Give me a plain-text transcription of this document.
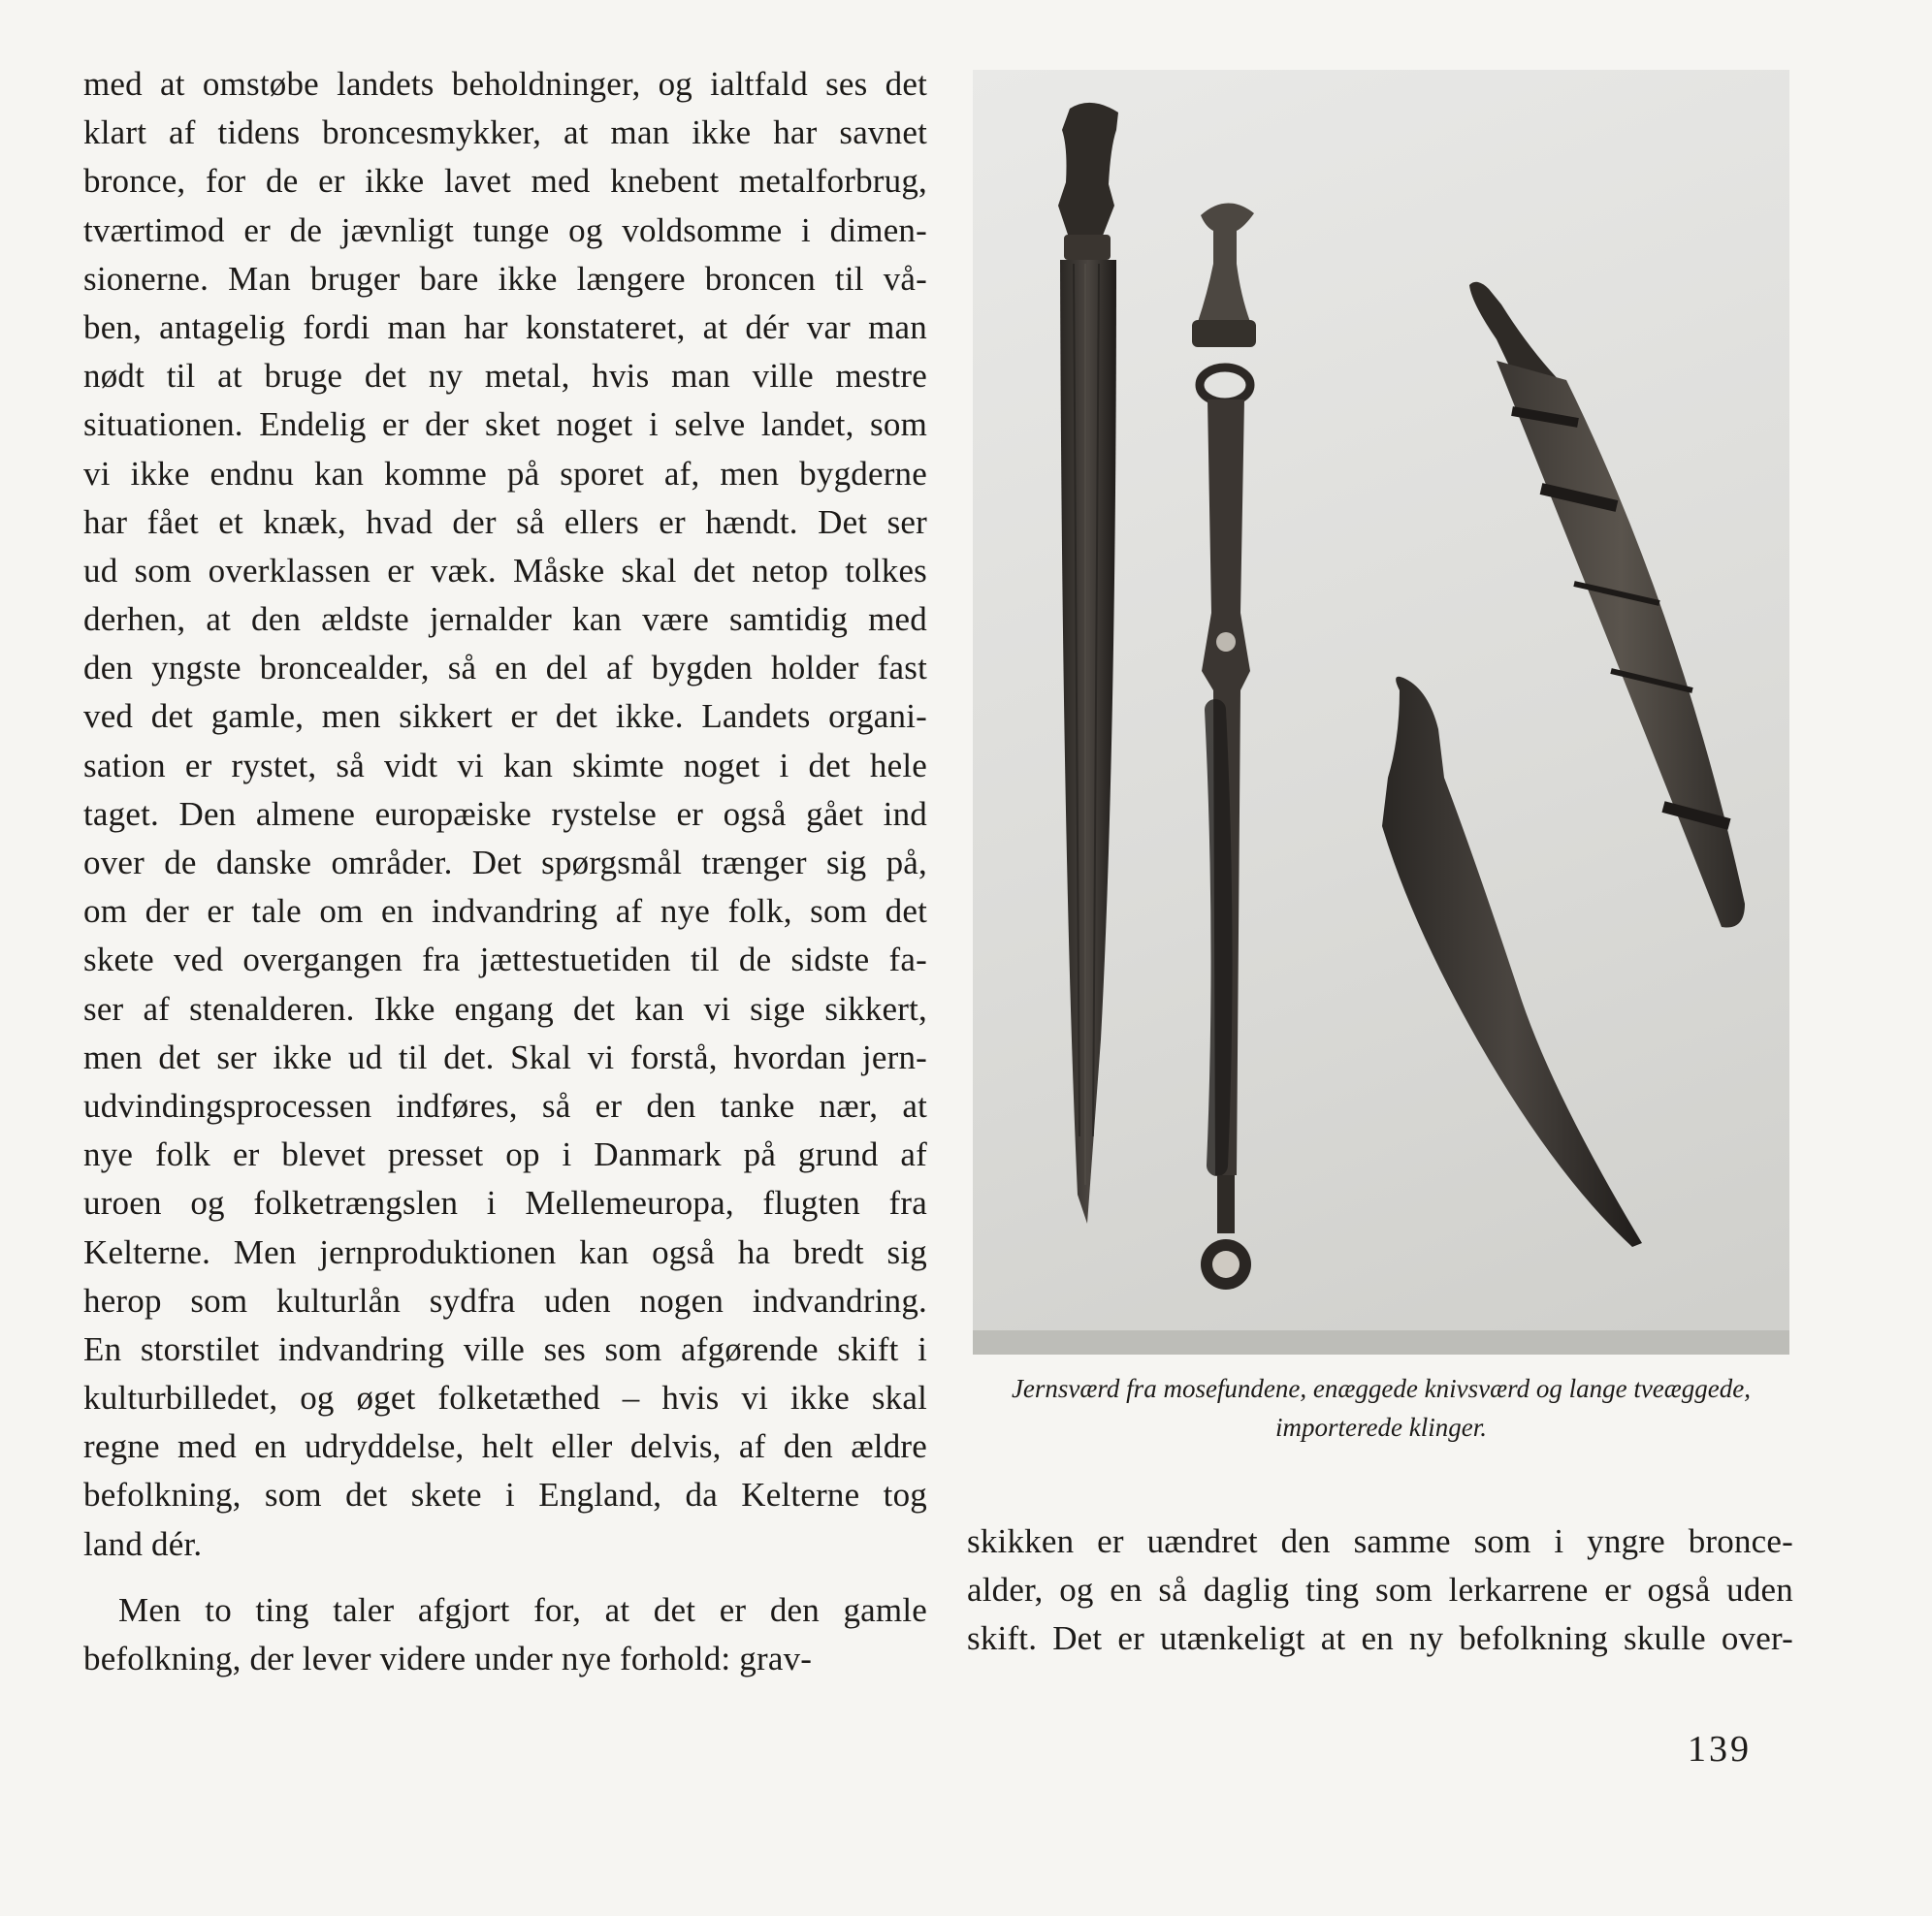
med at omstøbe landets beholdninger, og ialtfald ses det
klart af tidens broncesmykker, at man ikke har savnet
bronce, for de er ikke lavet med knebent metalforbrug,
tværtimod er de jævnligt tunge og voldsomme i dimen-
sionerne. Man bruger bare ikke længere broncen til vå-
ben, antagelig fordi man har konstateret, at dér var man
nødt til at bruge det ny metal, hvis man ville mestre
situationen. Endelig er der sket noget i selve landet, som
vi ikke endnu kan komme på sporet af, men bygderne
har fået et knæk, hvad der så ellers er hændt. Det ser
ud som overklassen er væk. Måske skal det netop tolkes
derhen, at den ældste jernalder kan være samtidig med
den yngste broncealder, så en del af bygden holder fast
ved det gamle, men sikkert er det ikke. Landets organi-
sation er rystet, så vidt vi kan skimte noget i det hele
taget. Den almene europæiske rystelse er også gået ind
over de danske områder. Det spørgsmål trænger sig på,
om der er tale om en indvandring af nye folk, som det
skete ved overgangen fra jættestuetiden til de sidste fa-
ser af stenalderen. Ikke engang det kan vi sige sikkert,
men det ser ikke ud til det. Skal vi forstå, hvordan jern-
udvindingsprocessen indføres, så er den tanke nær, at
nye folk er blevet presset op i Danmark på grund af
uroen og folketrængslen i Mellemeuropa, flugten fra
Kelterne. Men jernproduktionen kan også ha bredt sig
herop som kulturlån sydfra uden nogen indvandring.
En storstilet indvandring ville ses som afgørende skift i
kulturbilledet, og øget folketæthed – hvis vi ikke skal
regne med en udryddelse, helt eller delvis, af den ældre
befolkning, som det skete i England, da Kelterne tog
land dér.
Men to ting taler afgjort for, at det er den gamle
befolkning, der lever videre under nye forhold: grav-
Jernsværd fra mosefundene, enæggede knivsværd og lange tveæggede,
importerede klinger.
skikken er uændret den samme som i yngre bronce-
alder, og en så daglig ting som lerkarrene er også uden
skift. Det er utænkeligt at en ny befolkning skulle over-
139
